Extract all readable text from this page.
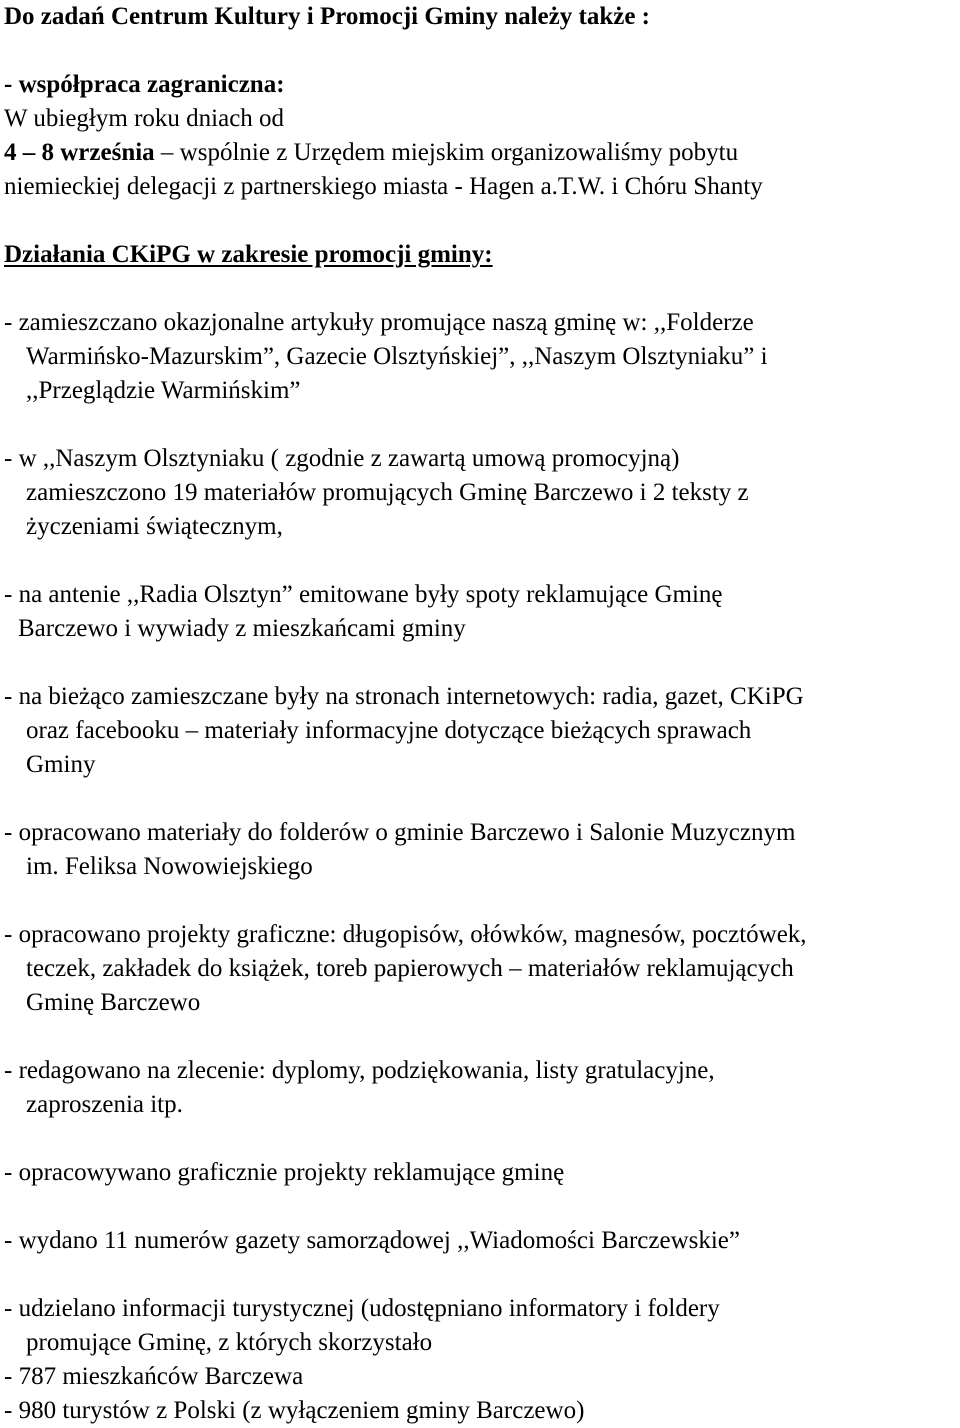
Do zadań Centrum Kultury i Promocji Gminy należy także :
- współpraca zagraniczna:
W ubiegłym roku dniach od
4 – 8 września – wspólnie z Urzędem miejskim organizowaliśmy pobytu
niemieckiej delegacji z partnerskiego miasta - Hagen a.T.W. i Chóru Shanty
Działania CKiPG w zakresie promocji gminy:
- zamieszczano okazjonalne artykuły promujące naszą gminę w: ,,Folderze
Warmińsko-Mazurskim”, Gazecie Olsztyńskiej”, ,,Naszym Olsztyniaku” i
,,Przeglądzie Warmińskim”
- w ,,Naszym Olsztyniaku ( zgodnie z zawartą umową promocyjną)
zamieszczono 19 materiałów promujących Gminę Barczewo i 2 teksty z
życzeniami świątecznym,
- na antenie ,,Radia Olsztyn” emitowane były spoty reklamujące Gminę
Barczewo i wywiady z mieszkańcami gminy
- na bieżąco zamieszczane były na stronach internetowych: radia, gazet, CKiPG
oraz facebooku – materiały informacyjne dotyczące bieżących sprawach
Gminy
- opracowano materiały do folderów o gminie Barczewo i Salonie Muzycznym
im. Feliksa Nowowiejskiego
- opracowano projekty graficzne: długopisów, ołówków, magnesów, pocztówek,
teczek, zakładek do książek, toreb papierowych – materiałów reklamujących
Gminę Barczewo
- redagowano na zlecenie: dyplomy, podziękowania, listy gratulacyjne,
zaproszenia itp.
- opracowywano graficznie projekty reklamujące gminę
- wydano 11 numerów gazety samorządowej ,,Wiadomości Barczewskie”
- udzielano informacji turystycznej (udostępniano informatory i foldery
promujące Gminę, z których skorzystało
- 787 mieszkańców Barczewa
- 980 turystów z Polski (z wyłączeniem gminy Barczewo)
